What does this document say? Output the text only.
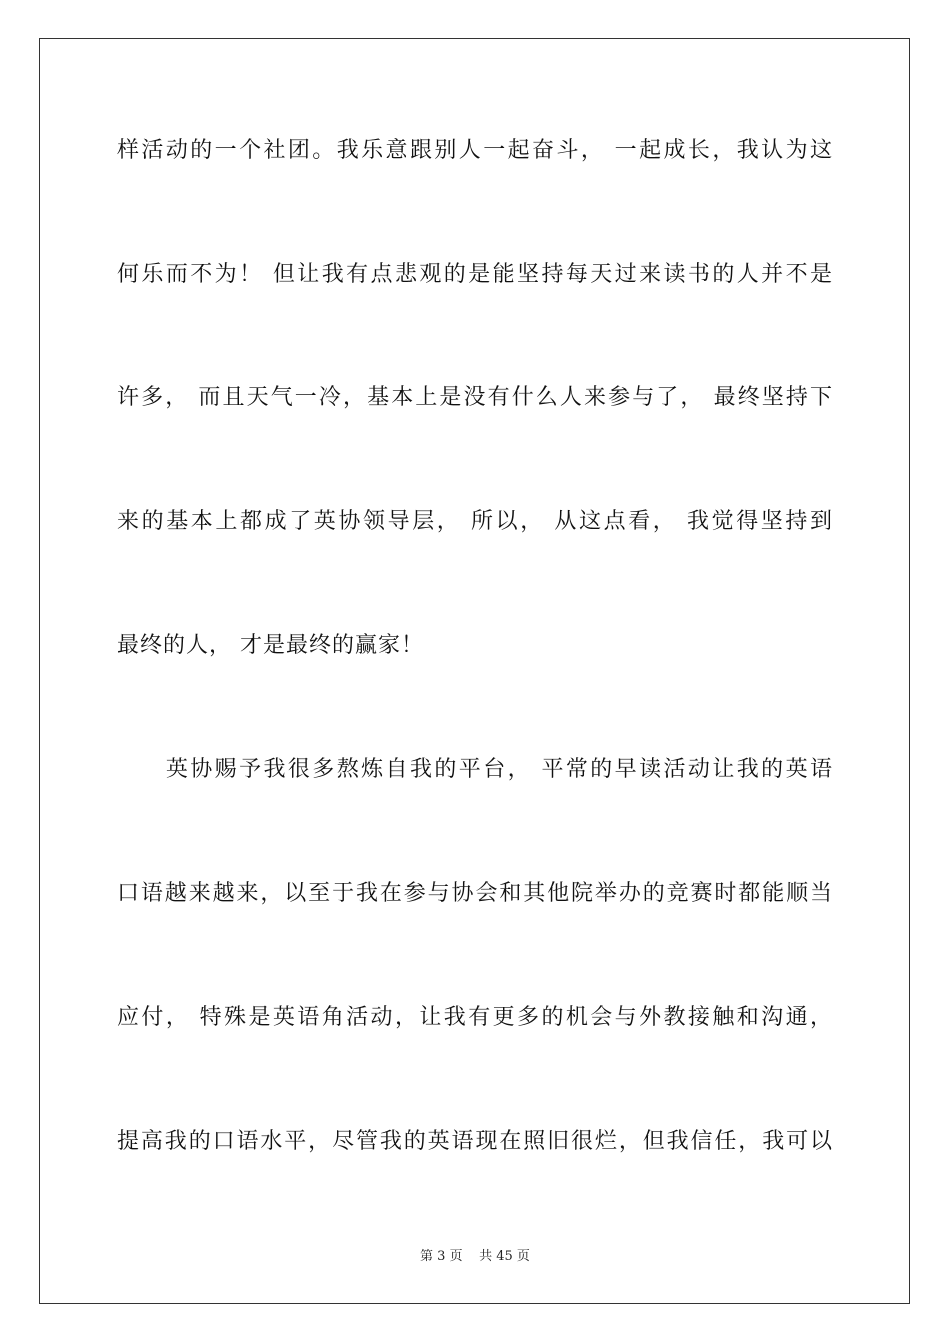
样活动的一个社团。我乐意跟别人一起奋斗， 一起成长，我认为这
何乐而不为！ 但让我有点悲观的是能坚持每天过来读书的人并不是
许多， 而且天气一冷，基本上是没有什么人来参与了， 最终坚持下
来的基本上都成了英协领导层， 所以， 从这点看， 我觉得坚持到
最终的人， 才是最终的赢家！
　　英协赐予我很多熬炼自我的平台， 平常的早读活动让我的英语
口语越来越来，以至于我在参与协会和其他院举办的竞赛时都能顺当
应付， 特殊是英语角活动，让我有更多的机会与外教接触和沟通，
提高我的口语水平，尽管我的英语现在照旧很烂，但我信任，我可以
第 3 页 共 45 页
